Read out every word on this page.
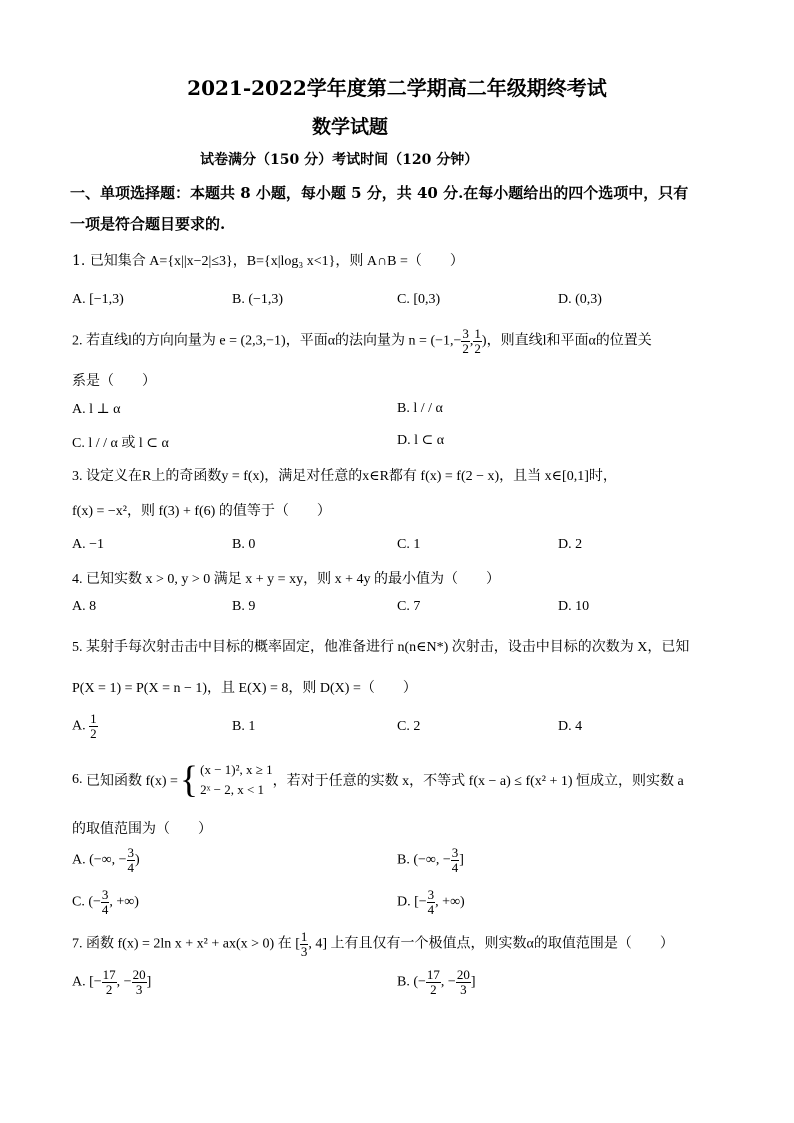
2021-2022学年度第二学期高二年级期终考试
数学试题
试卷满分（150 分）考试时间（120 分钟）
一、单项选择题：本题共 8 小题，每小题 5 分，共 40 分.在每小题给出的四个选项中，只有
一项是符合题目要求的.
1. 已知集合 A={x||x−2|≤3}，B={x|log₃ x<1}，则 A∩B =（　　）
A. [−1,3)	B. (−1,3)	C. [0,3)	D. (0,3)
2. 若直线l的方向向量为 e = (2,3,−1)，平面α的法向量为 $n = (-1,- \frac{3}{2}$ , $\frac{1}{2}$ )，则直线l和平面α的位置关
系是（　　）
A. l ⊥ α	B. l / / α
C. l / / α 或 l ⊂ α	D. l ⊂ α
3. 设定义在R上的奇函数y = f(x)，满足对任意的x∈R都有 f(x) = f(2 − x)，且当 x∈[0,1]时，
f(x) = −x²，则 f(3) + f(6) 的值等于（　　）
A. −1	B. 0	C. 1	D. 2
4. 已知实数 x > 0, y > 0 满足 x + y = xy，则 x + 4y 的最小值为（　　）
A. 8	B. 9	C. 7	D. 10
5. 某射手每次射击击中目标的概率固定，他准备进行 n(n∈N*) 次射击，设击中目标的次数为 X，已知
P(X = 1) = P(X = n − 1)，且 E(X) = 8，则 D(X) =（　　）
A. $\frac{1}{2}$	B. 1	C. 2	D. 4
6.
已知函数 f(x) = { (x − 1)², x ≥ 1
2ˣ − 2, x < 1
，若对于任意的实数 x，不等式 f(x − a) ≤ f(x² + 1) 恒成立，则实数 a
的取值范围为（　　）
A. (−∞, − $\frac{3}{4}$ )	B. (−∞, − $\frac{3}{4}$ ]
C. (− $\frac{3}{4}$ , +∞)	D. [− $\frac{3}{4}$ , +∞)
7. 函数 f(x) = 2ln x + x² + ax(x > 0) 在 [ $\frac{1}{3}$ , 4] 上有且仅有一个极值点，则实数α的取值范围是（　　）
A. [− $\frac{17}{2}$ , − $\frac{20}{3}$ ]	B. (− $\frac{17}{2}$ , − $\frac{20}{3}$ ]
